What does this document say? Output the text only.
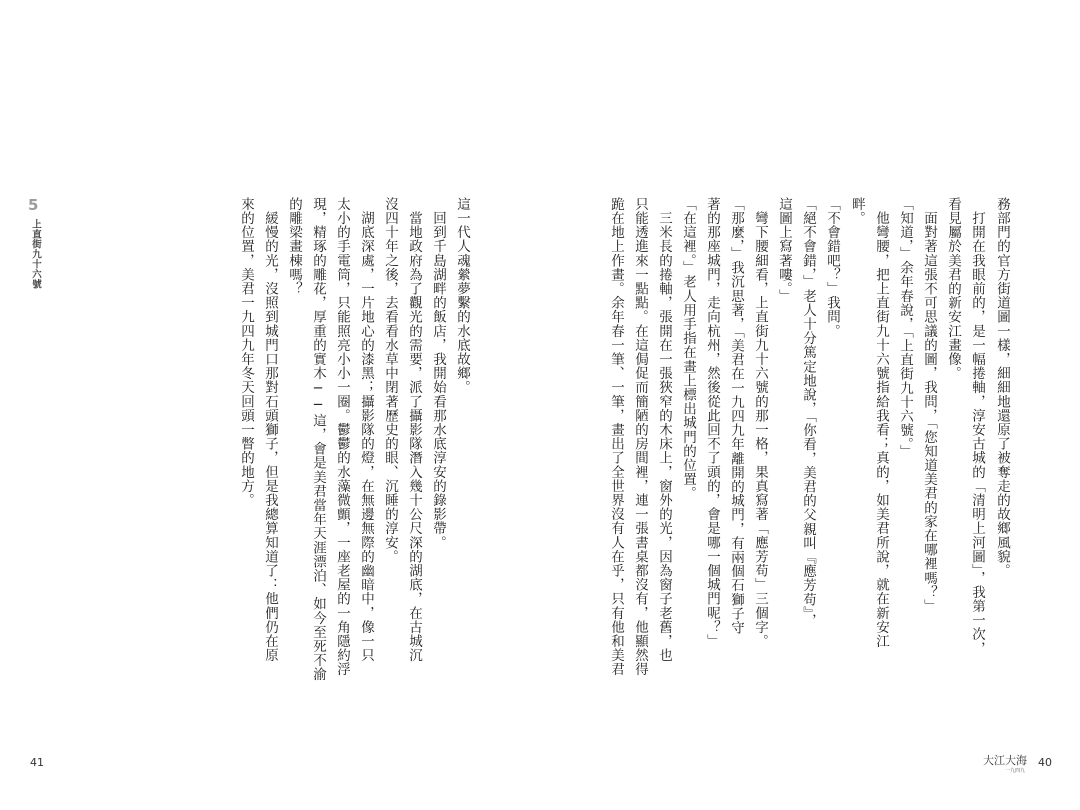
務部門的官方街道圖一樣，細細地還原了被奪走的故鄉風貌。
　打開在我眼前的，是一幅捲軸，淳安古城的「清明上河圖」，我第一次，
看見屬於美君的新安江畫像。
　面對著這張不可思議的圖，我問，「您知道美君的家在哪裡嗎？」
「知道，」余年春說，「上直街九十六號。」
　他彎腰，把上直街九十六號指給我看；真的，如美君所說，就在新安江
畔。
「不會錯吧？」我問。
「絕不會錯，」老人十分篤定地說，「你看，美君的父親叫『應芳苟』，
這圖上寫著嘍。」
　彎下腰細看，上直街九十六號的那一格，果真寫著「應芳苟」三個字。
「那麼，」我沉思著，「美君在一九四九年離開的城門，有兩個石獅子守
著的那座城門，走向杭州，然後從此回不了頭的，會是哪一個城門呢？」
「在這裡。」老人用手指在畫上標出城門的位置。
　三米長的捲軸，張開在一張狹窄的木床上，窗外的光，因為窗子老舊，也
只能透進來一點點。在這侷促而簡陋的房間裡，連一張書桌都沒有，他顯然得
跪在地上作畫。余年春一筆、一筆，畫出了全世界沒有人在乎，只有他和美君
這一代人魂縈夢繫的水底故鄉。
　回到千島湖畔的飯店，我開始看那水底淳安的錄影帶。
　當地政府為了觀光的需要，派了攝影隊潛入幾十公尺深的湖底，在古城沉
沒四十年之後，去看看水草中閉著歷史的眼、沉睡的淳安。
　湖底深處，一片地心的漆黑；攝影隊的燈，在無邊無際的幽暗中，像一只
太小的手電筒，只能照亮小小一圈。鬱鬱的水藻微顫，一座老屋的一角隱約浮
現，精琢的雕花，厚重的實木──這，會是美君當年天涯漂泊、如今至死不渝
的雕梁畫棟嗎？
　緩慢的光，沒照到城門口那對石頭獅子，但是我總算知道了：他們仍在原
來的位置，美君一九四九年冬天回頭一瞥的地方。
5
上直街九十六號
41	大江大海
一九四九
40
